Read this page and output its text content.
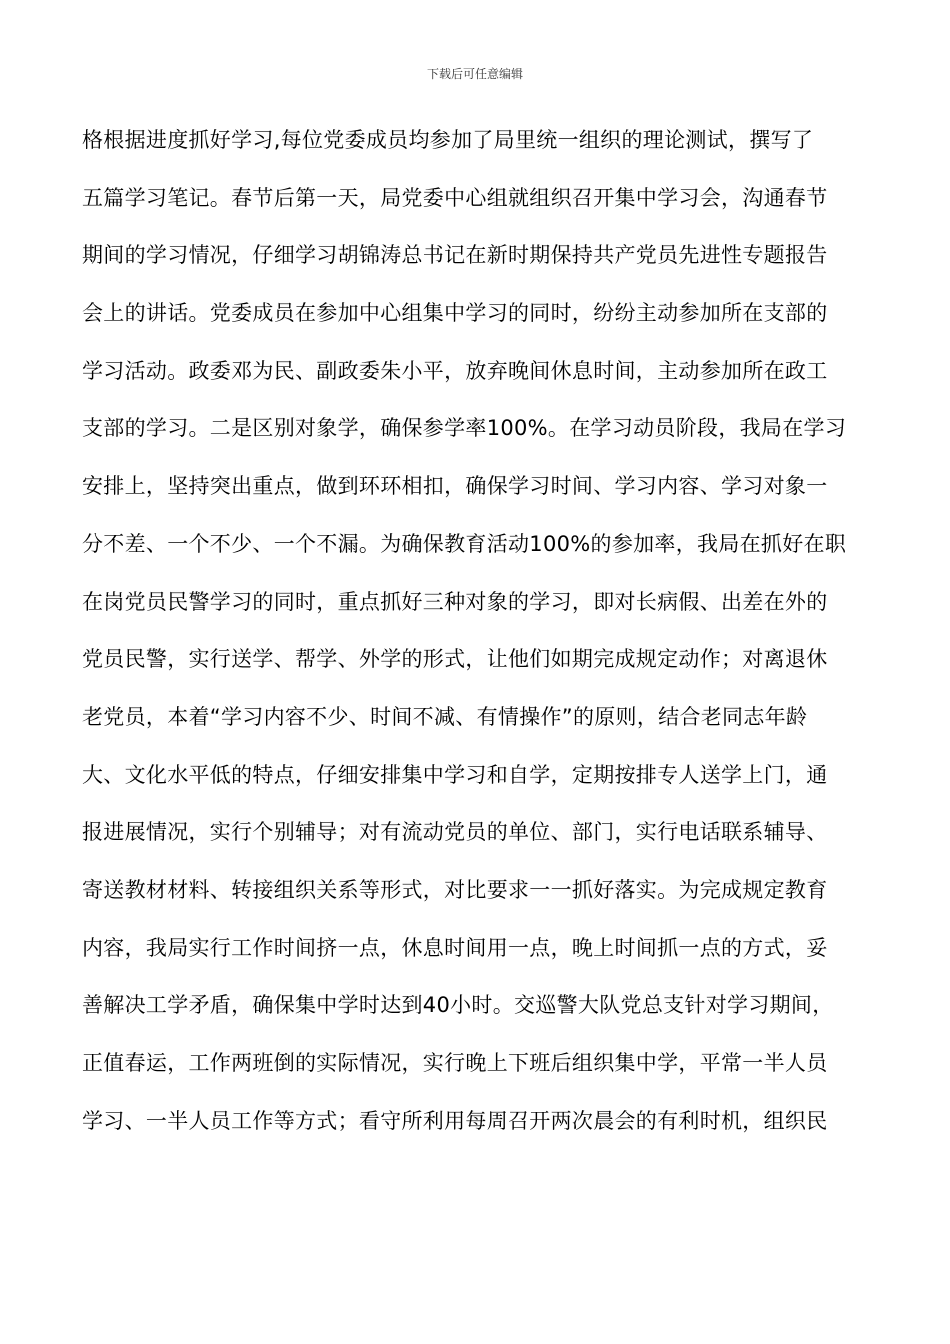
下载后可任意编辑
格根据进度抓好学习,每位党委成员均参加了局里统一组织的理论测试，撰写了
五篇学习笔记。春节后第一天，局党委中心组就组织召开集中学习会，沟通春节
期间的学习情况，仔细学习胡锦涛总书记在新时期保持共产党员先进性专题报告
会上的讲话。党委成员在参加中心组集中学习的同时，纷纷主动参加所在支部的
学习活动。政委邓为民、副政委朱小平，放弃晚间休息时间，主动参加所在政工
支部的学习。二是区别对象学，确保参学率100%。在学习动员阶段，我局在学习
安排上，坚持突出重点，做到环环相扣，确保学习时间、学习内容、学习对象一
分不差、一个不少、一个不漏。为确保教育活动100%的参加率，我局在抓好在职
在岗党员民警学习的同时，重点抓好三种对象的学习，即对长病假、出差在外的
党员民警，实行送学、帮学、外学的形式，让他们如期完成规定动作；对离退休
老党员，本着“学习内容不少、时间不减、有情操作”的原则，结合老同志年龄
大、文化水平低的特点，仔细安排集中学习和自学，定期按排专人送学上门，通
报进展情况，实行个别辅导；对有流动党员的单位、部门，实行电话联系辅导、
寄送教材材料、转接组织关系等形式，对比要求一一抓好落实。为完成规定教育
内容，我局实行工作时间挤一点，休息时间用一点，晚上时间抓一点的方式，妥
善解决工学矛盾，确保集中学时达到40小时。交巡警大队党总支针对学习期间，
正值春运，工作两班倒的实际情况，实行晚上下班后组织集中学，平常一半人员
学习、一半人员工作等方式；看守所利用每周召开两次晨会的有利时机，组织民
